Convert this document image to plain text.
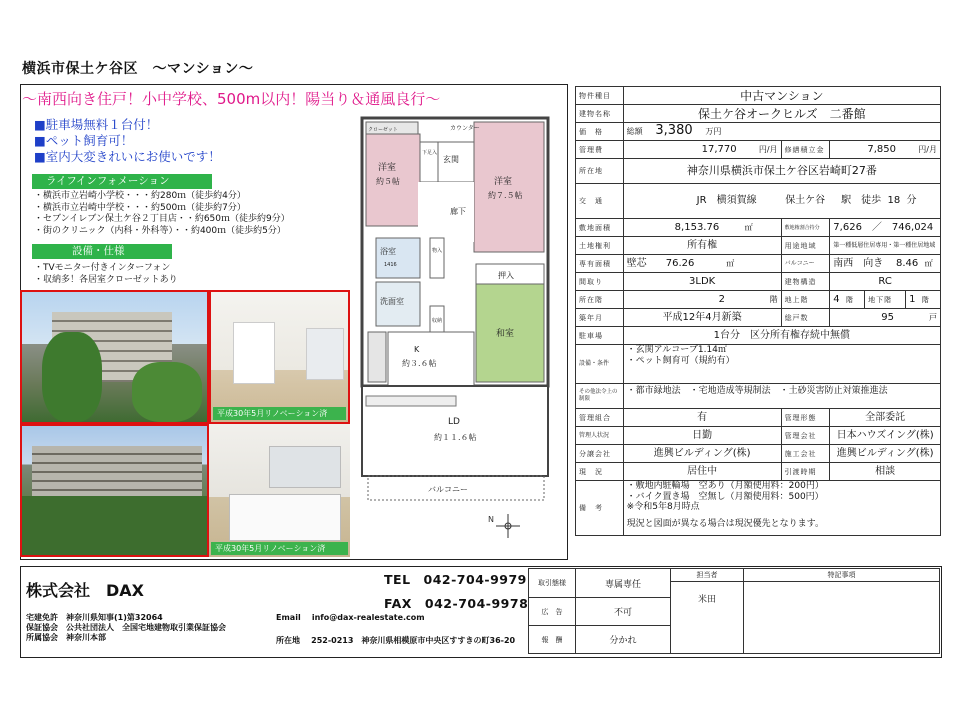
横浜市保土ケ谷区　～マンション～
～南西向き住戸！小中学校、500m以内！陽当り＆通風良行～
■駐車場無料１台付！
■ペット飼育可！
■室内大変きれいにお使いです！
ライフインフォメーション
・横浜市立岩崎小学校・・・約280ｍ（徒歩約4分）
・横浜市立岩崎中学校・・・約500ｍ（徒歩約7分）
・セブンイレブン保土ケ谷２丁目店・・約650ｍ（徒歩約9分）
・街のクリニック（内科・外科等）・・約400ｍ（徒歩約5分）
設備・仕様
・TVモニター付きインターフォン
・収納多！各居室クローゼットあり
平成30年5月リノベーション済
平成30年5月リノベーション済
N
カウンター
クローゼット
洋室
約５帖
玄関
下足入
洋室
約７.５帖
廊下
浴室
1416
物入
押入
洗面室
収納
和室
K
約３.６帖
LD
約１１.６帖
バルコニー
物件種目	中古マンション				
建物名称	保土ケ谷オークヒルズ　二番館				
価　格	総額 3,380 万円				
管理費	17,770 円/月	修繕積立金	7,850 円/月		
所在地	神奈川県横浜市保土ケ谷区岩崎町27番				
交　通	JR　横須賀線 保土ケ谷 駅　徒歩 18 分				
敷地面積	8,153.76 ㎡	敷地権割合持分	7,626　／　746,024		
土地権利	所有権	用途地域	第一種低層住居専用・第一種住居地域		
専有面積	壁芯 76.26 ㎡	バルコニー	南西　向き 8.46 ㎡		
間取り	3LDK	建物構造	RC		
所在階	2 階	地上階	4 階	地下階	1 階
築年月	平成12年4月新築	総戸数	95 戸		
駐車場	1台分　区分所有権存続中無償				
設備・条件	・玄関アルコーブ1.14㎡
・ペット飼育可（規約有）				

その他法令上の制限	・都市緑地法　・宅地造成等規制法　・土砂災害防止対策推進法				
管理組合	有	管理形態	全部委託		
管理人状況	日勤	管理会社	日本ハウズイング(株)		
分譲会社	進興ビルディング(株)	施工会社	進興ビルディング(株)		
現　況	居住中	引渡時期	相談		
備　考	・敷地内駐輪場　空あり（月額使用料：200円）
・バイク置き場　空無し（月額使用料：500円）
※令和5年8月時点
現況と図面が異なる場合は現況優先となります。				
株式会社　DAX
TEL　042-704-9979
FAX　042-704-9978
宅建免許　神奈川県知事(1)第32064
保証協会　公共社団法人　全国宅地建物取引業保証協会
所属協会　神奈川本部
Email info@dax-realestate.com
所在地 252-0213　神奈川県相模原市中央区すすきの町36-20
取引態様	専属専任	担当者	特記事項
		米田	
広　告	不可		
報　酬	分かれ		
